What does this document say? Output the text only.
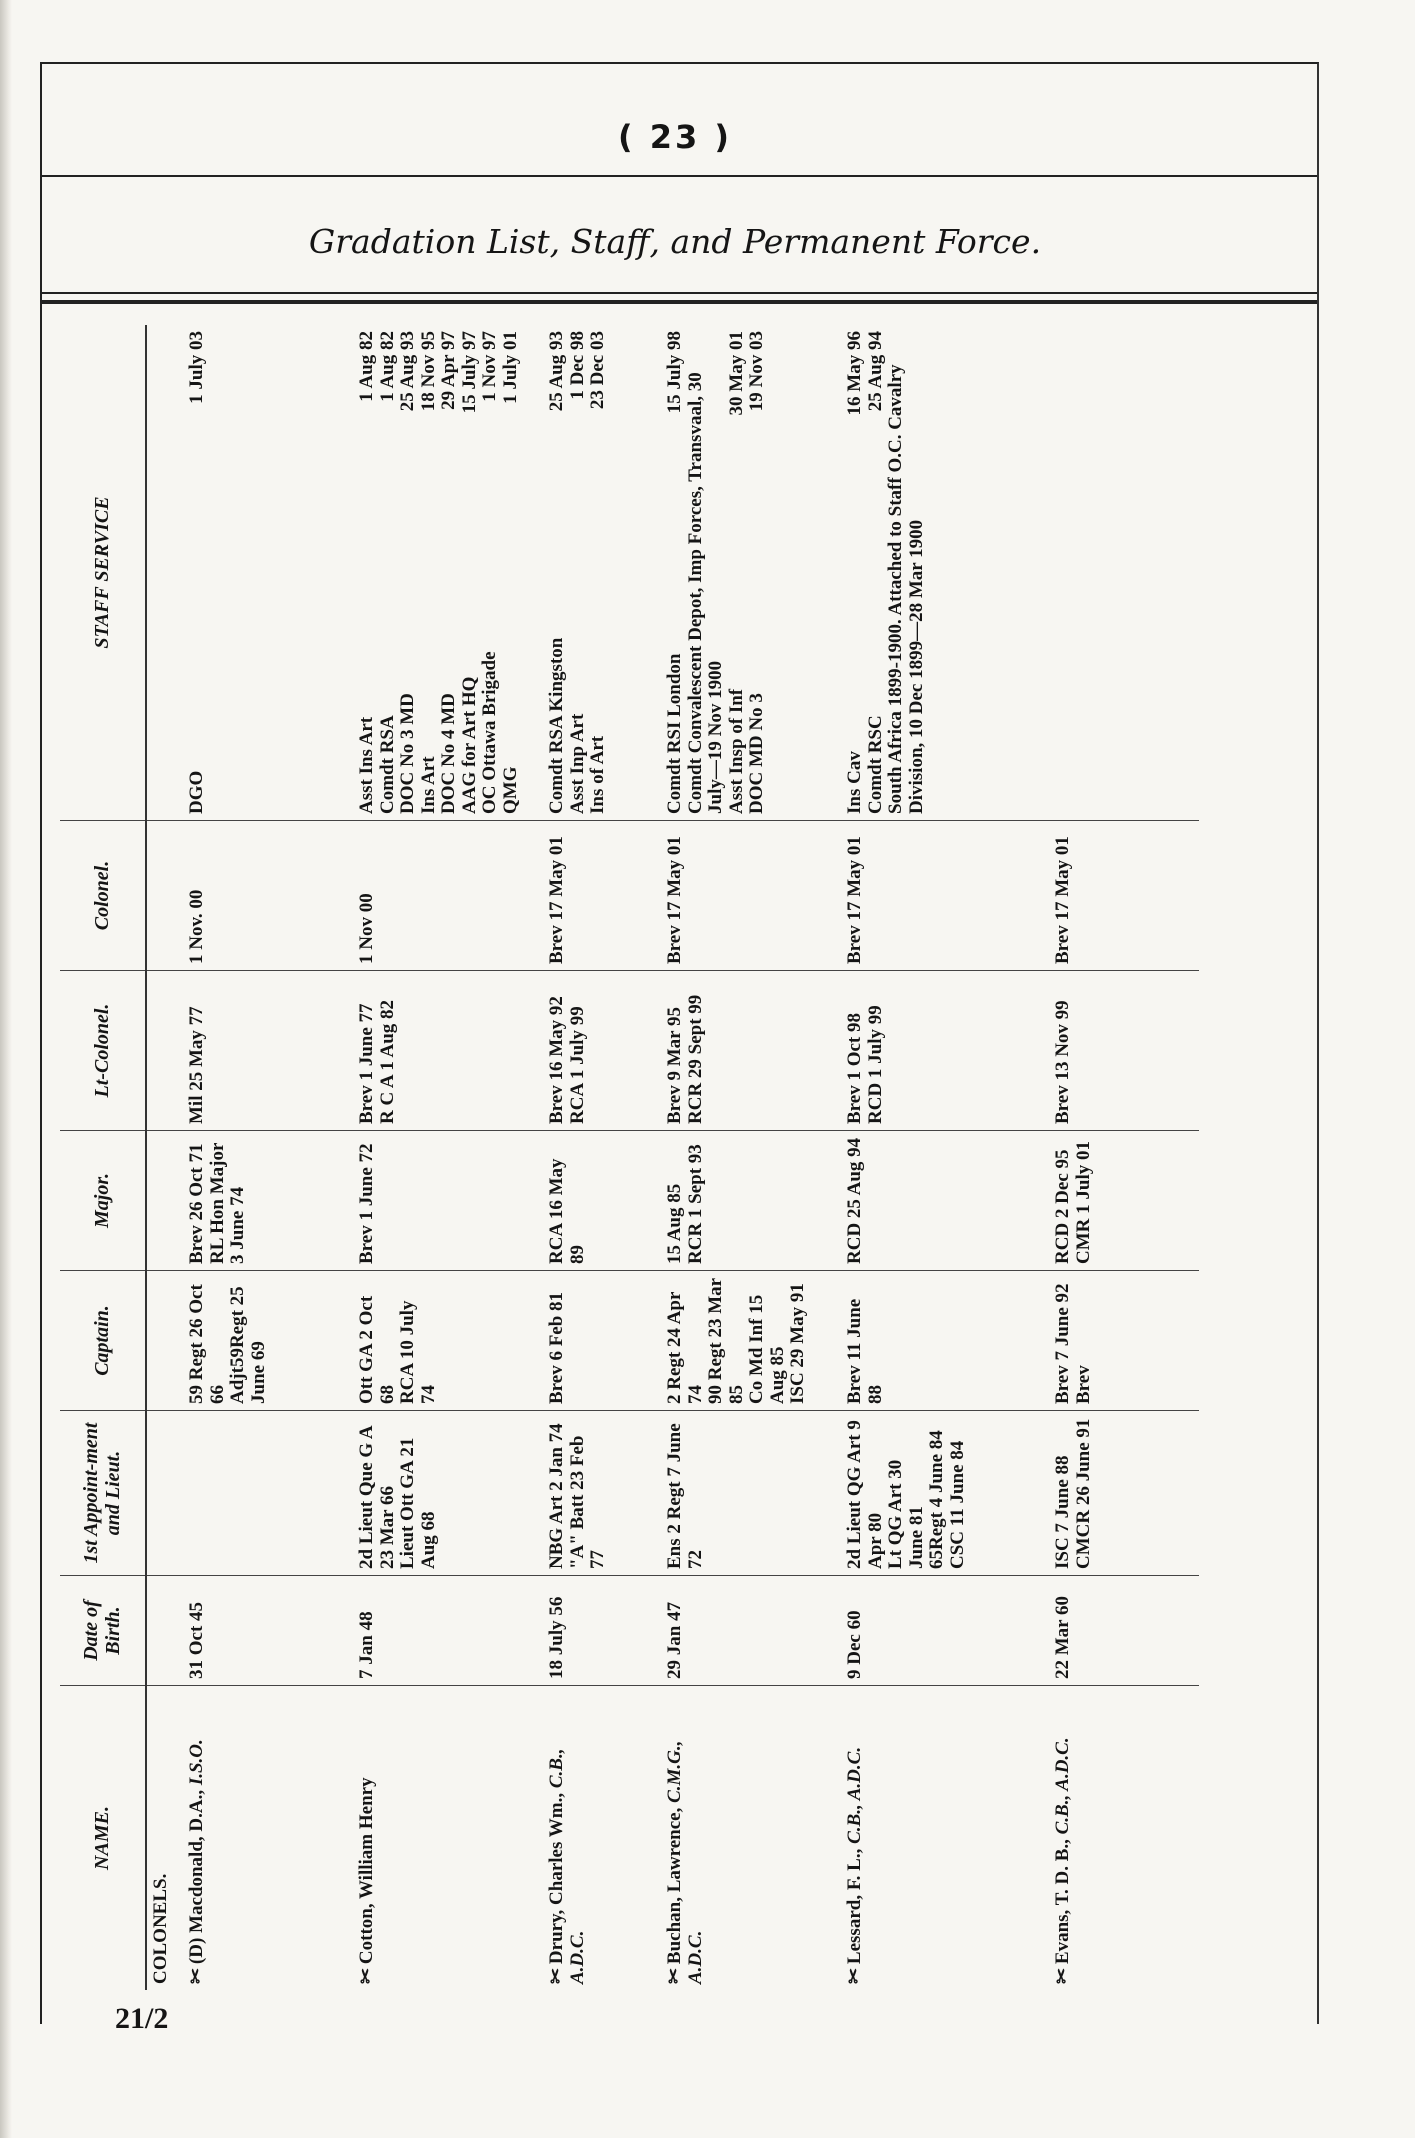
( 23 )
Gradation List, Staff, and Permanent Force.
NAME.
Date of Birth.
1st Appoint-ment and Lieut.
Captain.
Major.
Lt-Colonel.
Colonel.
STAFF SERVICE
COLONELS. ✂(D) Macdonald, D.A., I.S.O.
31 Oct 45
59 Regt 26 Oct 66
Adjt59Regt 25 June 69
Brev 26 Oct 71
RL Hon Major 3 June 74
Mil 25 May 77
1 Nov. 00
DGO
1 July 03
✂Cotton, William Henry
7 Jan 48
2d Lieut Que G A 23 Mar 66
Lieut Ott GA 21 Aug 68
Ott GA 2 Oct 68
RCA 10 July 74
Brev 1 June 72
Brev 1 June 77
R C A 1 Aug 82
1 Nov 00
Asst Ins Art
1 Aug 82
Comdt RSA
1 Aug 82
DOC No 3 MD
25 Aug 93
Ins Art
18 Nov 95
DOC No 4 MD
29 Apr 97
AAG for Art HQ
15 July 97
OC Ottawa Brigade
1 Nov 97
QMG
1 July 01
✂Drury, Charles Wm., C.B., A.D.C.
18 July 56
NBG Art 2 Jan 74 "A" Batt 23 Feb 77
Brev 6 Feb 81
RCA 16 May 89
Brev 16 May 92
RCA 1 July 99
Brev 17 May 01
Comdt RSA Kingston
25 Aug 93
Asst Inp Art
1 Dec 98
Ins of Art
23 Dec 03
✂Buchan, Lawrence, C.M.G., A.D.C.
29 Jan 47
Ens 2 Regt 7 June 72
2 Regt 24 Apr 74
90 Regt 23 Mar 85
Co Md Inf 15 Aug 85
ISC 29 May 91
15 Aug 85
RCR 1 Sept 93
Brev 9 Mar 95
RCR 29 Sept 99
Brev 17 May 01
Comdt RSI London
15 July 98
Comdt Convalescent Depot, Imp Forces, Transvaal, 30 July—19 Nov 1900 Asst Insp of Inf
30 May 01
DOC MD No 3
19 Nov 03
✂Lessard, F. L., C.B., A.D.C.
9 Dec 60
2d Lieut QG Art 9 Apr 80
Lt QG Art 30 June 81
65Regt 4 June 84
CSC 11 June 84
Brev 11 June 88
RCD 25 Aug 94
Brev 1 Oct 98
RCD 1 July 99
Brev 17 May 01
Ins Cav
16 May 96
Comdt RSC
25 Aug 94 South Africa 1899-1900. Attached to Staff O.C. Cavalry Division, 10 Dec 1899—28 Mar 1900
✂Evans, T. D. B., C.B., A.D.C.
22 Mar 60
ISC 7 June 88
CMCR 26 June 91
Brev 7 June 92
Brev
RCD 2 Dec 95
CMR 1 July 01
Brev 13 Nov 99
Brev 17 May 01
21/2
